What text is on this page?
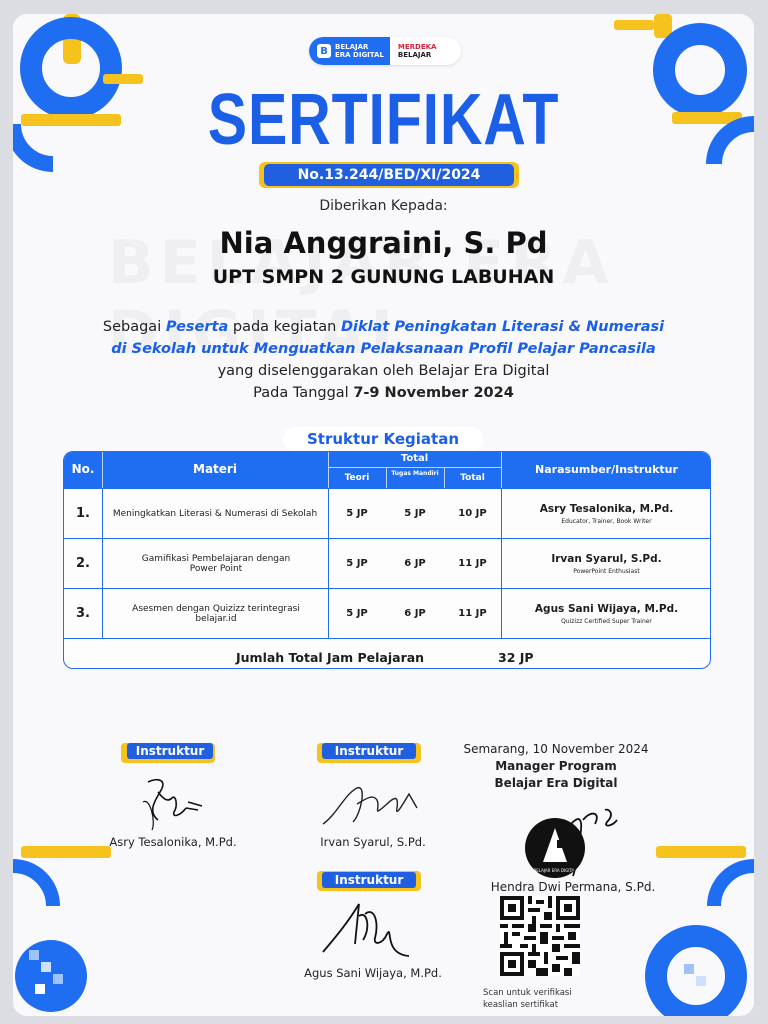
B	BELAJAR
ERA DIGITAL
MERDEKA
BELAJAR
SERTIFIKAT
No.13.244/BED/XI/2024
Diberikan Kepada:
Nia Anggraini, S. Pd
UPT SMPN 2 GUNUNG LABUHAN
Sebagai Peserta pada kegiatan Diklat Peningkatan Literasi & Numerasi
di Sekolah untuk Menguatkan Pelaksanaan Profil Pelajar Pancasila
yang diselenggarakan oleh Belajar Era Digital
Pada Tanggal 7-9 November 2024
No.	Materi
Total
Teori	Tugas Mandiri	Total
Narasumber/Instruktur
1.	Meningkatkan Literasi & Numerasi di Sekolah	5 JP	5 JP	10 JP	Asry Tesalonika, M.Pd.
Educator, Trainer, Book Writer
2.	Gamifikasi Pembelajaran dengan Power Point	5 JP	6 JP	11 JP	Irvan Syarul, S.Pd.
PowerPoint Enthusiast
3.	Asesmen dengan Quizizz terintegrasi belajar.id	5 JP	6 JP	11 JP	Agus Sani Wijaya, M.Pd.
Quizizz Certified Super Trainer
Jumlah Total Jam Pelajaran	32 JP
Struktur Kegiatan
Instruktur
Asry Tesalonika, M.Pd.
Instruktur
Irvan Syarul, S.Pd.
Instruktur
Agus Sani Wijaya, M.Pd.
Semarang, 10 November 2024
Manager Program
Belajar Era Digital
BELAJAR ERA DIGITAL
Hendra Dwi Permana, S.Pd.
Scan untuk verifikasi
keaslian sertifikat
